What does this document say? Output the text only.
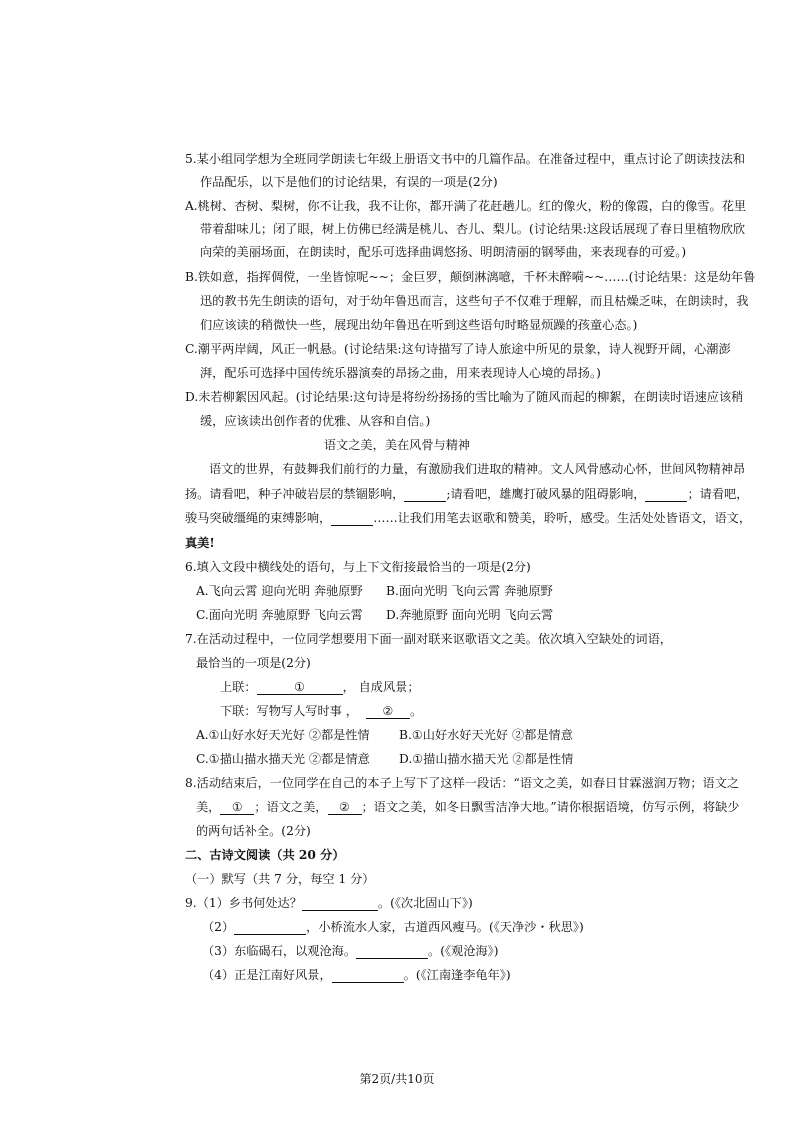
5.某小组同学想为全班同学朗读七年级上册语文书中的几篇作品。在准备过程中，重点讨论了朗读技法和
作品配乐，以下是他们的讨论结果，有误的一项是(2分)
A.桃树、杏树、梨树，你不让我，我不让你，都开满了花赶趟儿。红的像火，粉的像霞，白的像雪。花里
带着甜味儿；闭了眼，树上仿佛已经满是桃儿、杏儿、梨儿。(讨论结果:这段话展现了春日里植物欣欣
向荣的美丽场面，在朗读时，配乐可选择曲调悠扬、明朗清丽的钢琴曲，来表现春的可爱。)
B.铁如意，指挥倜傥，一坐皆惊呢~~；金巨罗，颠倒淋漓噫，千杯未醉嗬~~……(讨论结果：这是幼年鲁
迅的教书先生朗读的语句，对于幼年鲁迅而言，这些句子不仅难于理解，而且枯燥乏味，在朗读时，我
们应该读的稍微快一些，展现出幼年鲁迅在听到这些语句时略显烦躁的孩童心态。)
C.潮平两岸阔，风正一帆悬。(讨论结果:这句诗描写了诗人旅途中所见的景象，诗人视野开阔，心潮澎
湃，配乐可选择中国传统乐器演奏的昂扬之曲，用来表现诗人心境的昂扬。)
D.未若柳絮因风起。(讨论结果:这句诗是将纷纷扬扬的雪比喻为了随风而起的柳絮，在朗读时语速应该稍
缓，应该读出创作者的优雅、从容和自信。)
语文之美，美在风骨与精神
语文的世界，有鼓舞我们前行的力量，有激励我们进取的精神。文人风骨感动心怀，世间风物精神昂
扬。请看吧，种子冲破岩层的禁锢影响，	;请看吧，雄鹰打破风暴的阻碍影响，	；请看吧，
骏马突破缰绳的束缚影响，	……让我们用笔去讴歌和赞美，聆听，感受。生活处处皆语文，语文，
真美!
6.填入文段中横线处的语句，与上下文衔接最恰当的一项是(2分)
A.飞向云霄 迎向光明 奔驰原野 B.面向光明 飞向云霄 奔驰原野
C.面向光明 奔驰原野 飞向云霄 D.奔驰原野 面向光明 飞向云霄
7.在活动过程中，一位同学想要用下面一副对联来讴歌语文之美。依次填入空缺处的词语，
最恰当的一项是(2分)
上联：	①	， 自成风景；
下联：写物写人写时事 ， ② 。
A.①山好水好天光好 ②都是性情 B.①山好水好天光好 ②都是情意
C.①描山描水描天光 ②都是情意 D.①描山描水描天光 ②都是性情
8.活动结束后，一位同学在自己的本子上写下了这样一段话：“语文之美，如春日甘霖滋润万物；语文之
美， ① ；语文之美， ② ；语文之美，如冬日飘雪洁净大地。”请你根据语境，仿写示例，将缺少
的两句话补全。(2分)
二、古诗文阅读（共 20 分）
（一）默写（共 7 分，每空 1 分）
9.（1）乡书何处达？	。(《次北固山下》)
（2）	，小桥流水人家，古道西风瘦马。(《天净沙・秋思》)
（3）东临碣石，以观沧海。	。(《观沧海》)
（4）正是江南好风景，	。(《江南逢李龟年》)
第2页/共10页
